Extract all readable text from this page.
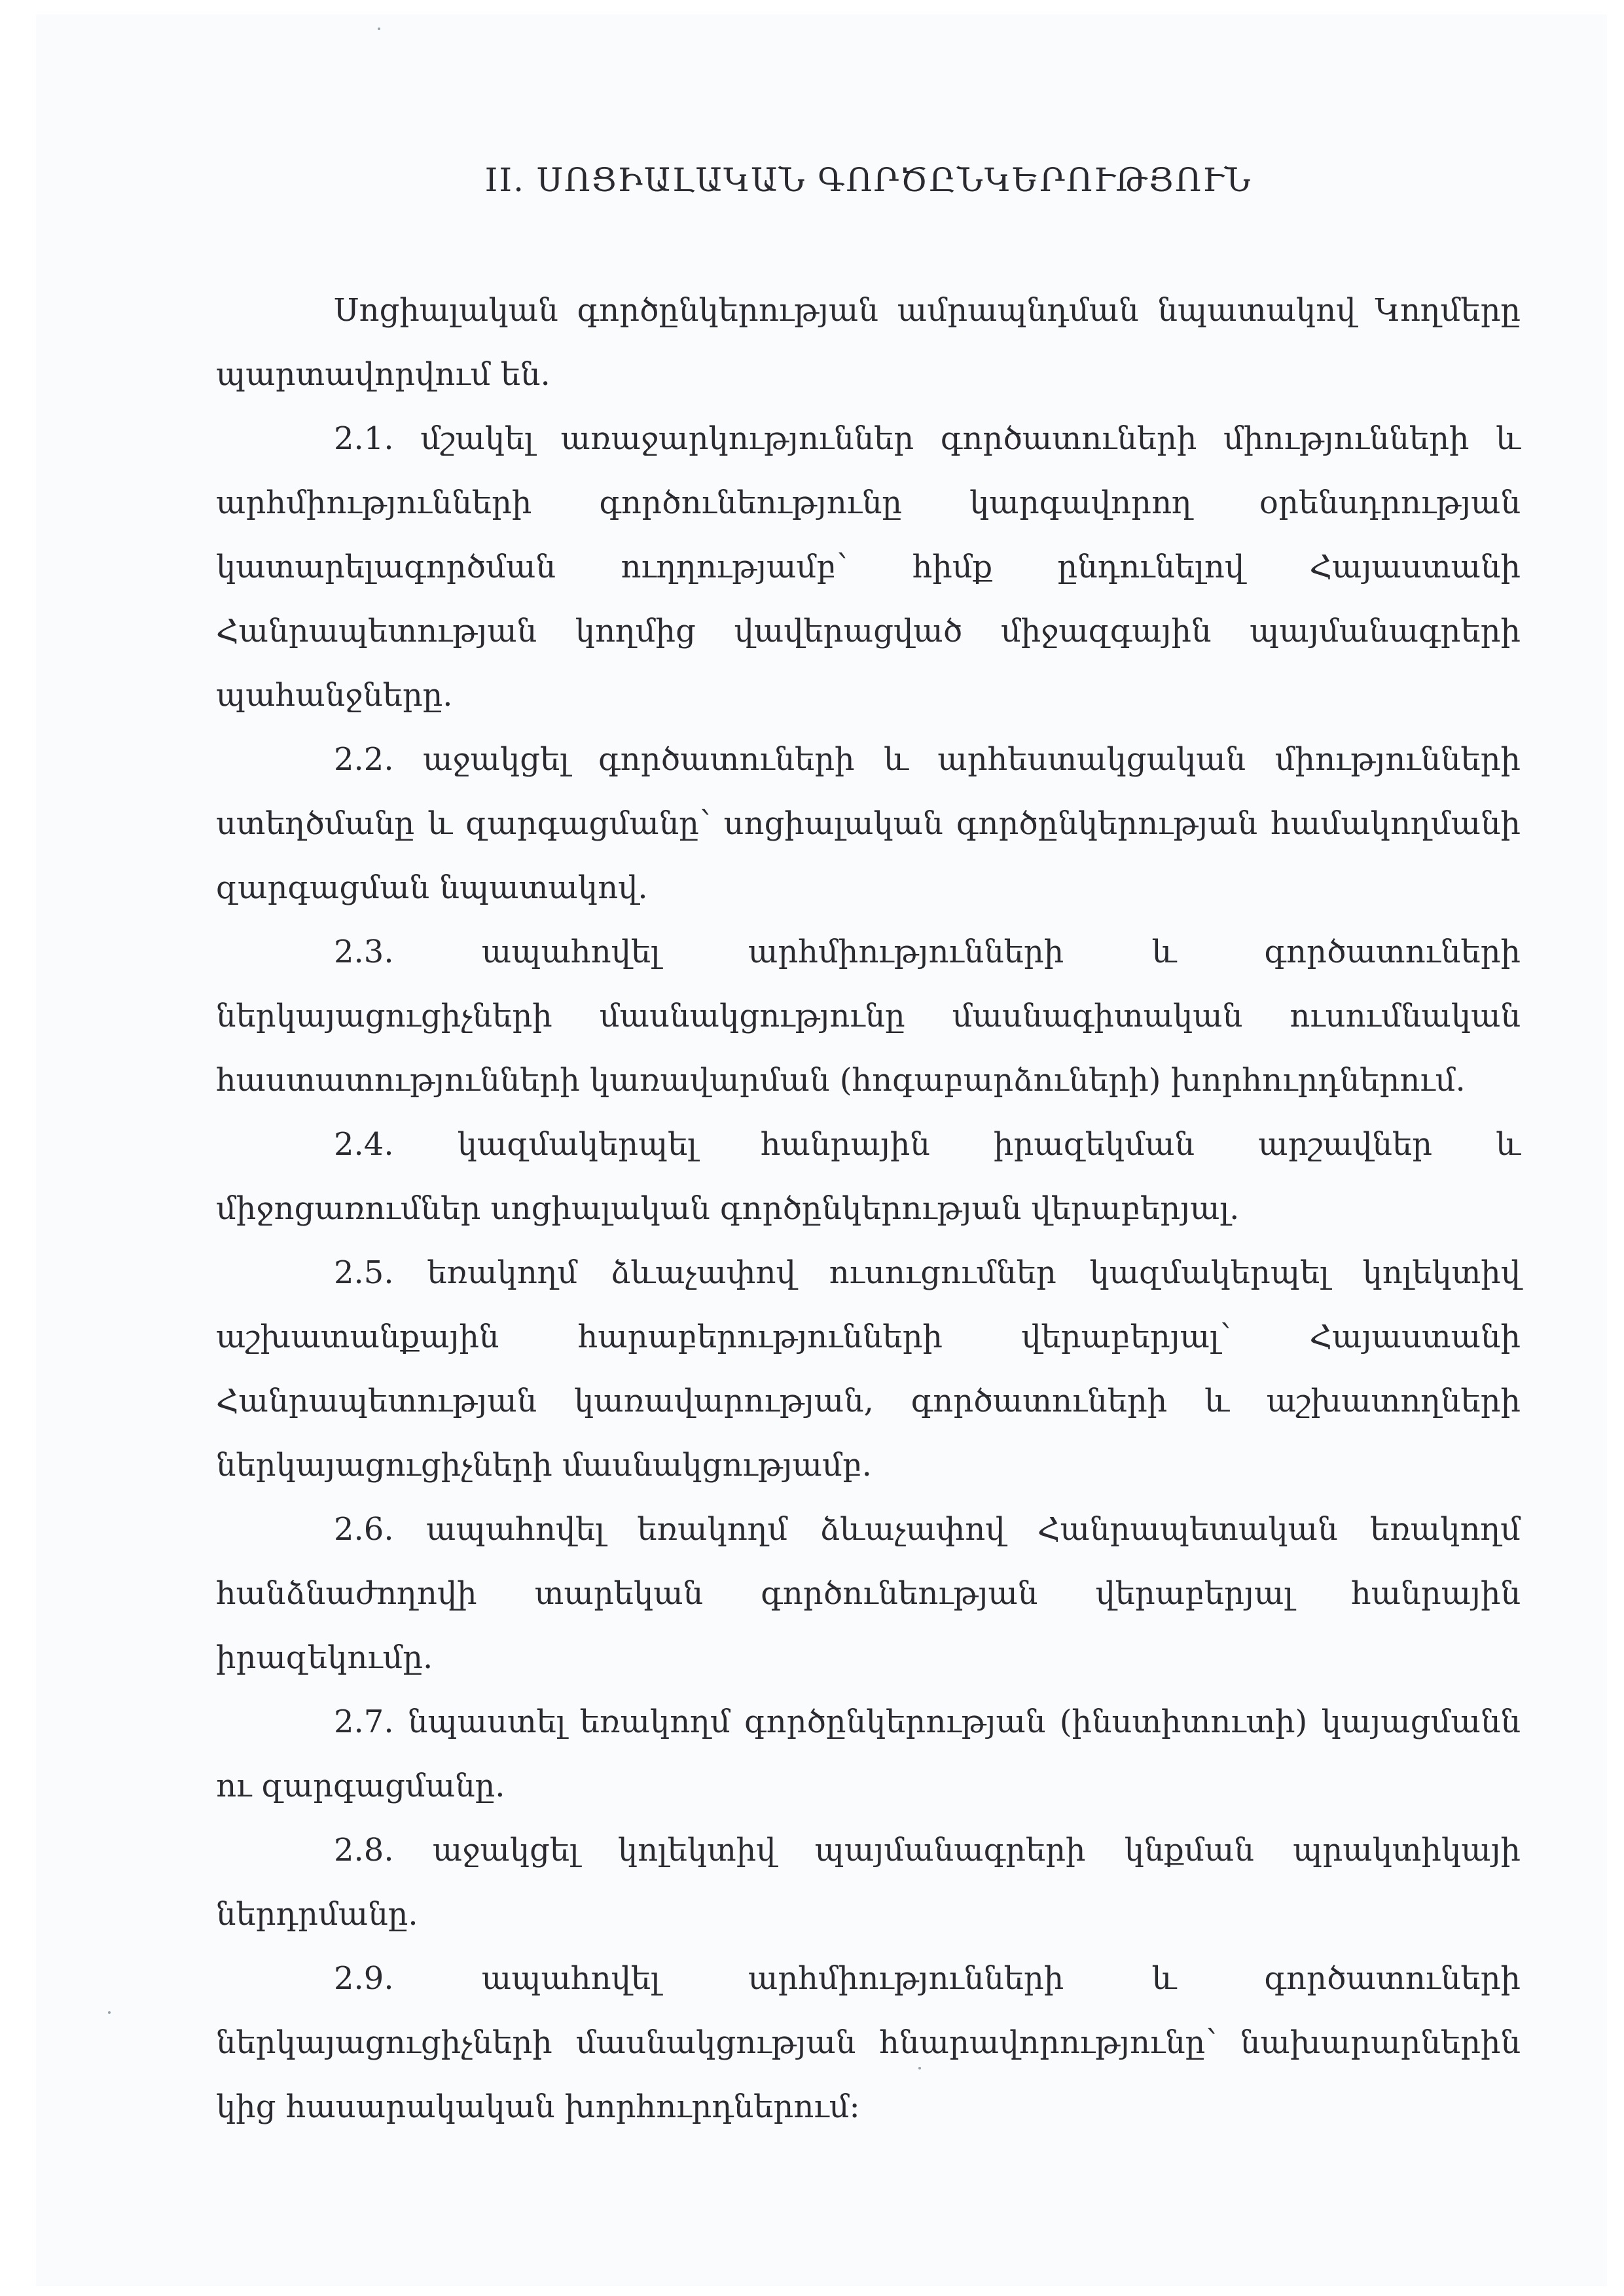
II. ՍՈՑԻԱԼԱԿԱՆ ԳՈՐԾԸՆԿԵՐՈՒԹՅՈՒՆ

Սոցիալական գործընկերության ամրապնդման նպատակով Կողմերը պարտավորվում են.

2.1. մշակել առաջարկություններ գործատուների միությունների և արհմիությունների գործունեությունը կարգավորող օրենսդրության կատարելագործման ուղղությամբ՝ հիմք ընդունելով Հայաստանի Հանրապետության կողմից վավերացված միջազգային պայմանագրերի պահանջները.

2.2. աջակցել գործատուների և արհեստակցական միությունների ստեղծմանը և զարգացմանը՝ սոցիալական գործընկերության համակողմանի զարգացման նպատակով.

2.3. ապահովել արհմիությունների և գործատուների ներկայացուցիչների մասնակցությունը մասնագիտական ուսումնական հաստատությունների կառավարման (հոգաբարձուների) խորհուրդներում.

2.4. կազմակերպել հանրային իրազեկման արշավներ և միջոցառումներ սոցիալական գործընկերության վերաբերյալ.

2.5. եռակողմ ձևաչափով ուսուցումներ կազմակերպել կոլեկտիվ աշխատանքային հարաբերությունների վերաբերյալ՝ Հայաստանի Հանրապետության կառավարության, գործատուների և աշխատողների ներկայացուցիչների մասնակցությամբ.

2.6. ապահովել եռակողմ ձևաչափով Հանրապետական եռակողմ հանձնաժողովի տարեկան գործունեության վերաբերյալ հանրային իրազեկումը.

2.7. նպաստել եռակողմ գործընկերության (ինստիտուտի) կայացմանն ու զարգացմանը.

2.8. աջակցել կոլեկտիվ պայմանագրերի կնքման պրակտիկայի ներդրմանը.

2.9. ապահովել արհմիությունների և գործատուների ներկայացուցիչների մասնակցության հնարավորությունը՝ նախարարներին կից հասարակական խորհուրդներում:
